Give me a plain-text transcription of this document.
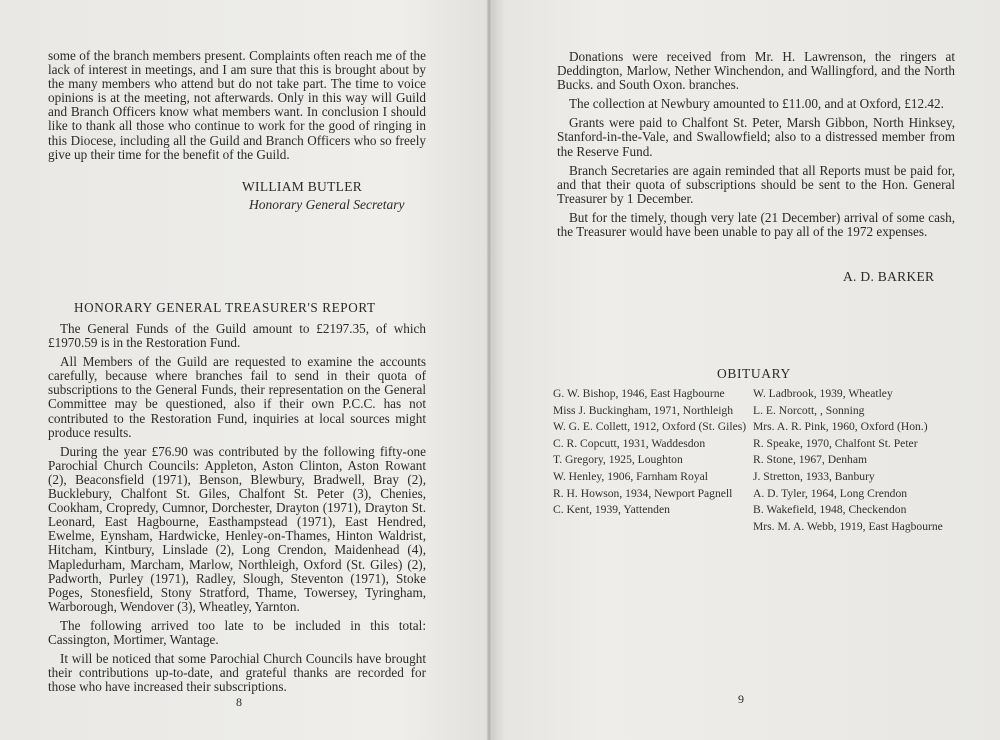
some of the branch members present. Complaints often reach me of the lack of interest in meetings, and I am sure that this is brought about by the many members who attend but do not take part. The time to voice opinions is at the meeting, not afterwards. Only in this way will Guild and Branch Officers know what members want. In conclusion I should like to thank all those who continue to work for the good of ringing in this Diocese, including all the Guild and Branch Officers who so freely give up their time for the benefit of the Guild.

WILLIAM BUTLER
Honorary General Secretary
HONORARY GENERAL TREASURER'S REPORT

The General Funds of the Guild amount to £2197.35, of which £1970.59 is in the Restoration Fund.

All Members of the Guild are requested to examine the accounts carefully, because where branches fail to send in their quota of subscriptions to the General Funds, their representation on the General Committee may be questioned, also if their own P.C.C. has not contributed to the Restoration Fund, inquiries at local sources might produce results.

During the year £76.90 was contributed by the following fifty-one Parochial Church Councils: Appleton, Aston Clinton, Aston Rowant (2), Beaconsfield (1971), Benson, Blewbury, Bradwell, Bray (2), Bucklebury, Chalfont St. Giles, Chalfont St. Peter (3), Chenies, Cookham, Cropredy, Cumnor, Dorchester, Drayton (1971), Drayton St. Leonard, East Hagbourne, Easthampstead (1971), East Hendred, Ewelme, Eynsham, Hardwicke, Henley-on-Thames, Hinton Waldrist, Hitcham, Kintbury, Linslade (2), Long Crendon, Maidenhead (4), Mapledurham, Marcham, Marlow, Northleigh, Oxford (St. Giles) (2), Padworth, Purley (1971), Radley, Slough, Steventon (1971), Stoke Poges, Stonesfield, Stony Stratford, Thame, Towersey, Tyringham, Warborough, Wendover (3), Wheatley, Yarnton.

The following arrived too late to be included in this total: Cassington, Mortimer, Wantage.

It will be noticed that some Parochial Church Councils have brought their contributions up-to-date, and grateful thanks are recorded for those who have increased their subscriptions.

8

Donations were received from Mr. H. Lawrenson, the ringers at Deddington, Marlow, Nether Winchendon, and Wallingford, and the North Bucks. and South Oxon. branches.

The collection at Newbury amounted to £11.00, and at Oxford, £12.42.

Grants were paid to Chalfont St. Peter, Marsh Gibbon, North Hinksey, Stanford-in-the-Vale, and Swallowfield; also to a distressed member from the Reserve Fund.

Branch Secretaries are again reminded that all Reports must be paid for, and that their quota of subscriptions should be sent to the Hon. General Treasurer by 1 December.

But for the timely, though very late (21 December) arrival of some cash, the Treasurer would have been unable to pay all of the 1972 expenses.

A. D. BARKER
OBITUARY
G. W. Bishop, 1946, East Hagbourne
Miss J. Buckingham, 1971, Northleigh
W. G. E. Collett, 1912, Oxford (St. Giles)
C. R. Copcutt, 1931, Waddesdon
T. Gregory, 1925, Loughton
W. Henley, 1906, Farnham Royal
R. H. Howson, 1934, Newport Pagnell
C. Kent, 1939, Yattenden
W. Ladbrook, 1939, Wheatley
L. E. Norcott, , Sonning
Mrs. A. R. Pink, 1960, Oxford (Hon.)
R. Speake, 1970, Chalfont St. Peter
R. Stone, 1967, Denham
J. Stretton, 1933, Banbury
A. D. Tyler, 1964, Long Crendon
B. Wakefield, 1948, Checkendon
Mrs. M. A. Webb, 1919, East Hagbourne
9
